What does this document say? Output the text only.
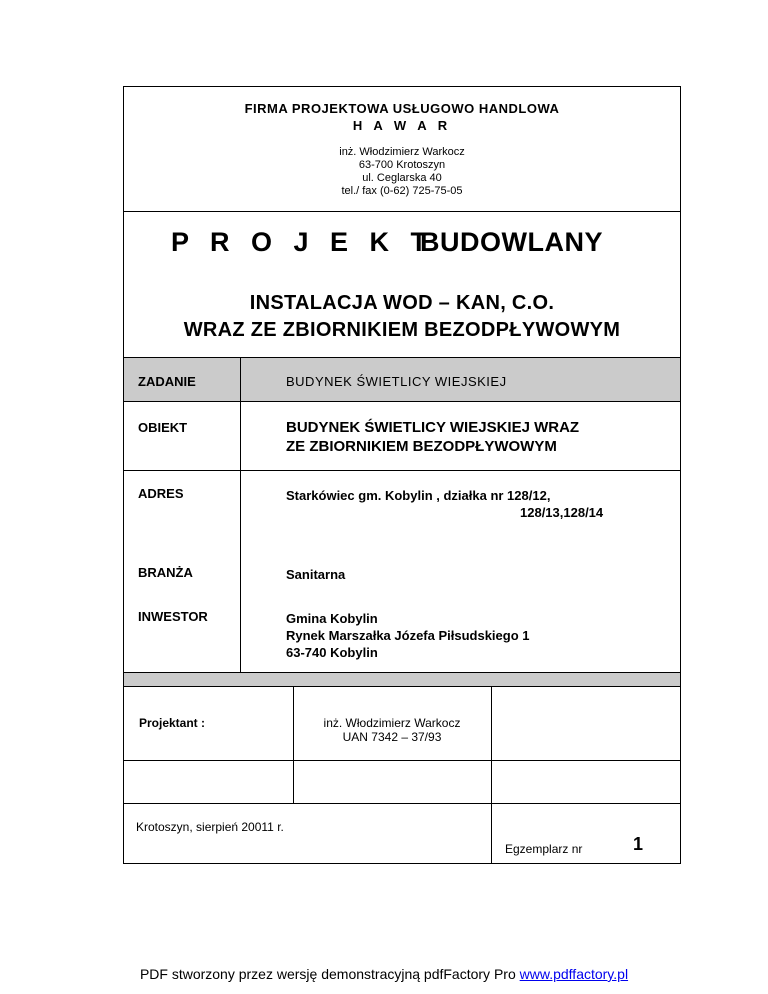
FIRMA PROJEKTOWA USŁUGOWO HANDLOWA
H A W A R
inż. Włodzimierz Warkocz
63-700 Krotoszyn
ul. Ceglarska 40
tel./ fax (0-62) 725-75-05
P R O J E K T
BUDOWLANY
INSTALACJA WOD – KAN, C.O.
WRAZ ZE ZBIORNIKIEM BEZODPŁYWOWYM
ZADANIE	BUDYNEK ŚWIETLICY WIEJSKIEJ
OBIEKT	BUDYNEK ŚWIETLICY WIEJSKIEJ WRAZ
ZE ZBIORNIKIEM BEZODPŁYWOWYM
ADRES	Starkówiec gm. Kobylin , działka nr 128/12,
128/13,128/14
BRANŻA	Sanitarna
INWESTOR	Gmina Kobylin
Rynek Marszałka Józefa Piłsudskiego 1
63-740 Kobylin
Projektant :	inż. Włodzimierz Warkocz
UAN 7342 – 37/93
Krotoszyn, sierpień 20011 r.
Egzemplarz nr	1
PDF stworzony przez wersję demonstracyjną pdfFactory Pro www.pdffactory.pl
